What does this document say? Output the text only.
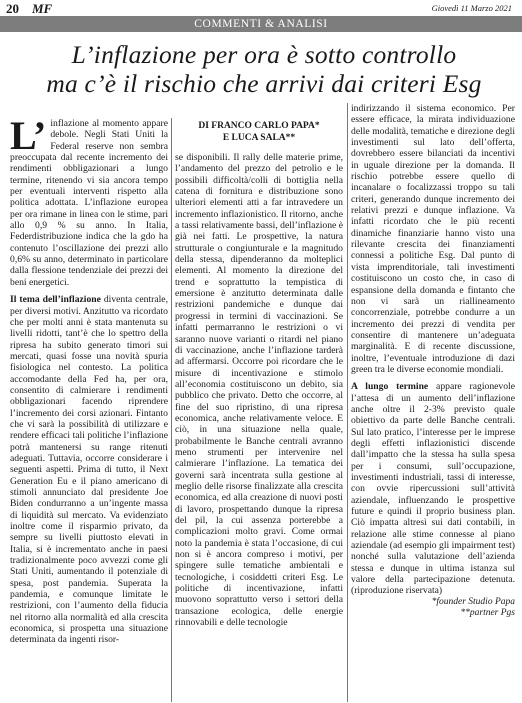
20 MF	Giovedì 11 Marzo 2021
COMMENTI & ANALISI
L’inflazione per ora è sotto controllo
ma c’è il rischio che arrivi dai criteri Esg

L’ inflazione al momento appare debole. Negli Stati Uniti la Federal reserve non sembra preoccupata dal recente incremento dei rendimenti obbligazionari a lungo termine, ritenendo vi sia ancora tempo per eventuali interventi rispetto alla politica adottata. L’inflazione europea per ora rimane in linea con le stime, pari allo 0,9 % su anno. In Italia, Federdistribuzione indica che la gdo ha contenuto l’oscillazione dei prezzi allo 0,6% su anno, determinato in particolare dalla flessione tendenziale dei prezzi dei beni energetici.

Il tema dell’inflazione diventa centrale, per diversi motivi. Anzitutto va ricordato che per molti anni è stata mantenuta su livelli ridotti, tant’è che lo spettro della ripresa ha subito generato timori sui mercati, quasi fosse una novità spuria fisiologica nel contesto. La politica accomodante della Fed ha, per ora, consentito di calmierare i rendimenti obbligazionari facendo riprendere l’incremento dei corsi azionari. Fintanto che vi sarà la possibilità di utilizzare e rendere efficaci tali politiche l’inflazione potrà mantenersi su range ritenuti adeguati. Tuttavia, occorre considerare i seguenti aspetti. Prima di tutto, il Next Generation Eu e il piano americano di stimoli annunciato dal presidente Joe Biden condurranno a un’ingente massa di liquidità sul mercato. Va evidenziato inoltre come il risparmio privato, da sempre su livelli piuttosto elevati in Italia, si è incrementato anche in paesi tradizionalmente poco avvezzi come gli Stati Uniti, aumentando il potenziale di spesa, post pandemia. Superata la pandemia, e comunque limitate le restrizioni, con l’aumento della fiducia nel ritorno alla normalità ed alla crescita economica, si prospetta una situazione determinata da ingenti risor-

DI FRANCO CARLO PAPA*
E LUCA SALA**

se disponibili. Il rally delle materie prime, l’andamento del prezzo del petrolio e le possibili difficoltà/colli di bottiglia nella catena di fornitura e distribuzione sono ulteriori elementi atti a far intravedere un incremento inflazionistico. Il ritorno, anche a tassi relativamente bassi, dell’inflazione è già nei fatti. Le prospettive, la natura strutturale o congiunturale e la magnitudo della stessa, dipenderanno da molteplici elementi. Al momento la direzione del trend e soprattutto la tempistica di emersione è anzitutto determinata dalle restrizioni pandemiche e dunque dai progressi in termini di vaccinazioni. Se infatti permarranno le restrizioni o vi saranno nuove varianti o ritardi nel piano di vaccinazione, anche l’inflazione tarderà ad affermarsi. Occorre poi ricordare che le misure di incentivazione e stimolo all’economia costituiscono un debito, sia pubblico che privato. Detto che occorre, al fine del suo ripristino, di una ripresa economica, anche relativamente veloce. E ciò, in una situazione nella quale, probabilmente le Banche centrali avranno meno strumenti per intervenire nel calmierare l’inflazione. La tematica dei governi sarà incentrata sulla gestione al meglio delle risorse finalizzate alla crescita economica, ed alla creazione di nuovi posti di lavoro, prospettando dunque la ripresa del pil, la cui assenza porterebbe a complicazioni molto gravi. Come ormai noto la pandemia è stata l’occasione, di cui non si è ancora compreso i motivi, per spingere sulle tematiche ambientali e tecnologiche, i cosiddetti criteri Esg. Le politiche di incentivazione, infatti muovono soprattutto verso i settori della transazione ecologica, delle energie rinnovabili e delle tecnologie

indirizzando il sistema economico. Per essere efficace, la mirata individuazione delle modalità, tematiche e direzione degli investimenti sul lato dell’offerta, dovrebbero essere bilanciati da incentivi in uguale direzione per la domanda. Il rischio potrebbe essere quello di incanalare o focalizzassi troppo su tali criteri, generando dunque incremento dei relativi prezzi e dunque inflazione. Va infatti ricordato che le più recenti dinamiche finanziarie hanno visto una rilevante crescita dei finanziamenti connessi a politiche Esg. Dal punto di vista imprenditoriale, tali investimenti costituiscono un costo che, in caso di espansione della domanda e fintanto che non vi sarà un riallineamento concorrenziale, potrebbe condurre a un incremento dei prezzi di vendita per consentire di mantenere un’adeguata marginalità. E di recente discussione, inoltre, l’eventuale introduzione di dazi green tra le diverse economie mondiali.

A lungo termine appare ragionevole l’attesa di un aumento dell’inflazione anche oltre il 2-3% previsto quale obiettivo da parte delle Banche centrali. Sul lato pratico, l’interesse per le imprese degli effetti inflazionistici discende dall’impatto che la stessa ha sulla spesa per i consumi, sull’occupazione, investimenti industriali, tassi di interesse, con ovvie ripercussioni sull’attività aziendale, influenzando le prospettive future e quindi il proprio business plan. Ciò impatta altresì sui dati contabili, in relazione alle stime connesse al piano aziendale (ad esempio gli impairment test) nonché sulla valutazione dell’azienda stessa e dunque in ultima istanza sul valore della partecipazione detenuta. (riproduzione riservata)

*founder Studio Papa
**partner Pgs
